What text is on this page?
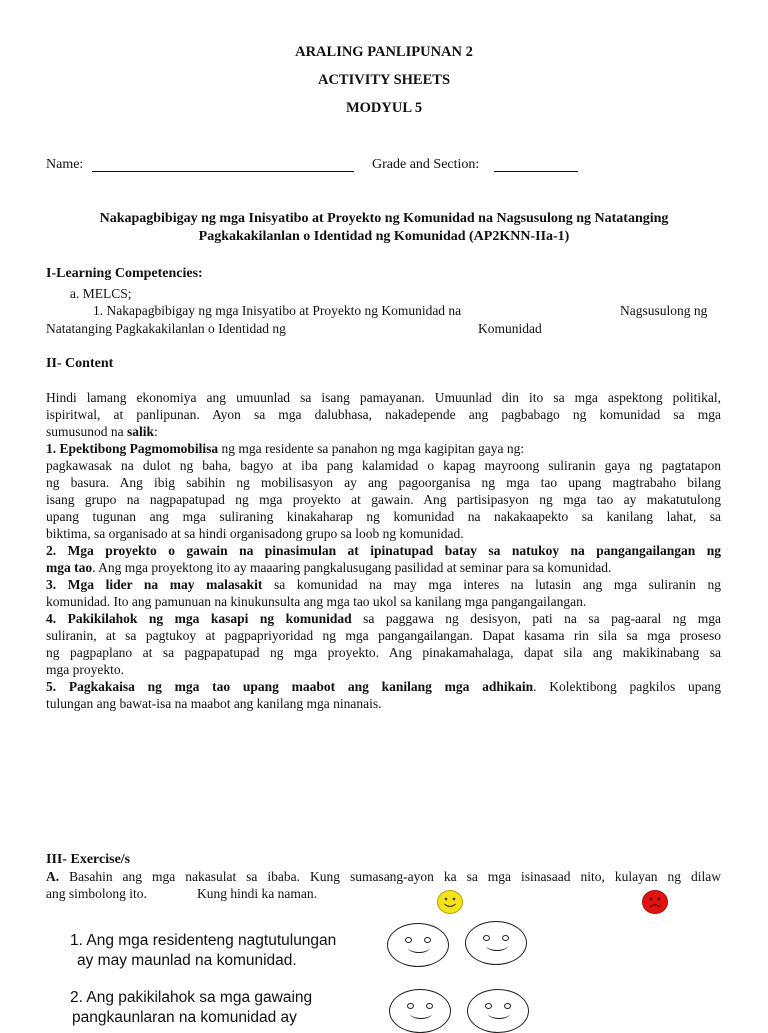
ARALING PANLIPUNAN 2
ACTIVITY SHEETS
MODYUL 5
Name:	Grade and Section:
Nakapagbibigay ng mga Inisyatibo at Proyekto ng Komunidad na Nagsusulong ng Natatanging
Pagkakakilanlan o Identidad ng Komunidad (AP2KNN-IIa-1)
I-Learning Competencies:
a. MELCS;
1. Nakapagbibigay ng mga Inisyatibo at Proyekto ng Komunidad na	Nagsusulong ng
Natatanging Pagkakakilanlan o Identidad ng	Komunidad
II- Content
Hindi lamang ekonomiya ang umuunlad sa isang pamayanan. Umuunlad din ito sa mga aspektong politikal,
ispiritwal, at panlipunan. Ayon sa mga dalubhasa, nakadepende ang pagbabago ng komunidad sa mga
sumusunod na salik:
1. Epektibong Pagmomobilisa ng mga residente sa panahon ng mga kagipitan gaya ng:
pagkawasak na dulot ng baha, bagyo at iba pang kalamidad o kapag mayroong suliranin gaya ng pagtatapon
ng basura. Ang ibig sabihin ng mobilisasyon ay ang pagoorganisa ng mga tao upang magtrabaho bilang
isang grupo na nagpapatupad ng mga proyekto at gawain. Ang partisipasyon ng mga tao ay makatutulong
upang tugunan ang mga suliraning kinakaharap ng komunidad na nakakaapekto sa kanilang lahat, sa
biktima, sa organisado at sa hindi organisadong grupo sa loob ng komunidad.
2. Mga proyekto o gawain na pinasimulan at ipinatupad batay sa natukoy na pangangailangan ng
mga tao. Ang mga proyektong ito ay maaaring pangkalusugang pasilidad at seminar para sa komunidad.
3. Mga lider na may malasakit sa komunidad na may mga interes na lutasin ang mga suliranin ng
komunidad. Ito ang pamunuan na kinukunsulta ang mga tao ukol sa kanilang mga pangangailangan.
4. Pakikilahok ng mga kasapi ng komunidad sa paggawa ng desisyon, pati na sa pag-aaral ng mga
suliranin, at sa pagtukoy at pagpapriyoridad ng mga pangangailangan. Dapat kasama rin sila sa mga proseso
ng pagpaplano at sa pagpapatupad ng mga proyekto. Ang pinakamahalaga, dapat sila ang makikinabang sa
mga proyekto.
5. Pagkakaisa ng mga tao upang maabot ang kanilang mga adhikain. Kolektibong pagkilos upang
tulungan ang bawat-isa na maabot ang kanilang mga ninanais.
III- Exercise/s
A. Basahin ang mga nakasulat sa ibaba. Kung sumasang-ayon ka sa mga isinasaad nito, kulayan ng dilaw
ang simbolong ito.	Kung hindi ka naman.
1. Ang mga residenteng nagtutulungan
ay may maunlad na komunidad.
2. Ang pakikilahok sa mga gawaing
pangkaunlaran na komunidad ay
